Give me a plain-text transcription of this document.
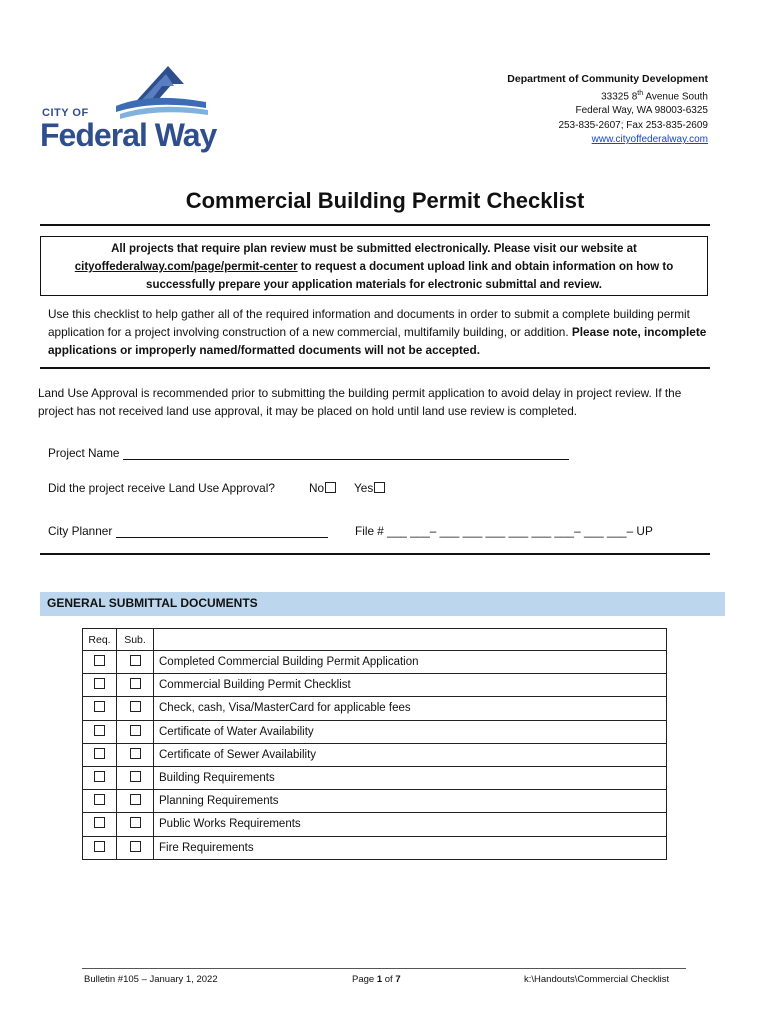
CITY OF
Federal Way
Department of Community Development
33325 8th Avenue South
Federal Way, WA 98003-6325
253-835-2607; Fax 253-835-2609
www.cityoffederalway.com
Commercial Building Permit Checklist
All projects that require plan review must be submitted electronically. Please visit our website at
cityoffederalway.com/page/permit-center to request a document upload link and obtain information on how to
successfully prepare your application materials for electronic submittal and review.
Use this checklist to help gather all of the required information and documents in order to submit a complete building permit application for a project involving construction of a new commercial, multifamily building, or addition. Please note, incomplete applications or improperly named/formatted documents will not be accepted.
Land Use Approval is recommended prior to submitting the building permit application to avoid delay in project review. If the project has not received land use approval, it may be placed on hold until land use review is completed.
Project Name
Did the project receive Land Use Approval?	No	Yes
City Planner	File # ___ ___– ___ ___ ___ ___ ___ ___– ___ ___– UP
GENERAL SUBMITTAL DOCUMENTS
Req.	Sub.	
		Completed Commercial Building Permit Application
		Commercial Building Permit Checklist
		Check, cash, Visa/MasterCard for applicable fees
		Certificate of Water Availability
		Certificate of Sewer Availability
		Building Requirements
		Planning Requirements
		Public Works Requirements
		Fire Requirements
Bulletin #105 – January 1, 2022	Page 1 of 7	k:\Handouts\Commercial Checklist
